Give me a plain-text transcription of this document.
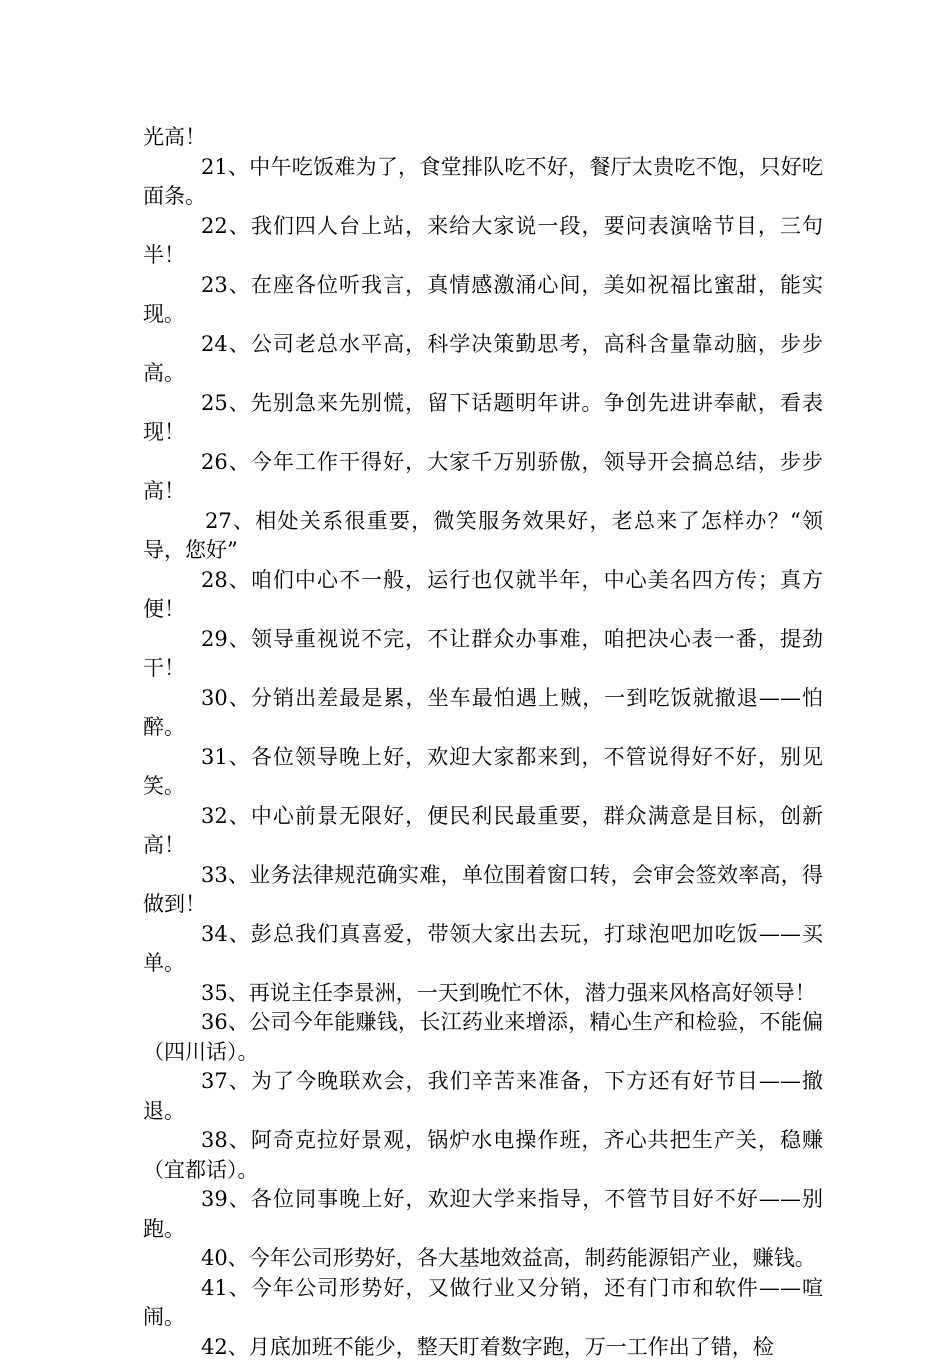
光高！

21、中午吃饭难为了，食堂排队吃不好，餐厅太贵吃不饱，只好吃面条。

22、我们四人台上站，来给大家说一段，要问表演啥节目，三句半！

23、在座各位听我言，真情感激涌心间，美如祝福比蜜甜，能实现。

24、公司老总水平高，科学决策勤思考，高科含量靠动脑，步步高。

25、先别急来先别慌，留下话题明年讲。争创先进讲奉献，看表现！

26、今年工作干得好，大家千万别骄傲，领导开会搞总结，步步高！

27、相处关系很重要，微笑服务效果好，老总来了怎样办？“领导，您好”

28、咱们中心不一般，运行也仅就半年，中心美名四方传；真方便！

29、领导重视说不完，不让群众办事难，咱把决心表一番，提劲干！

30、分销出差最是累，坐车最怕遇上贼，一到吃饭就撤退——怕醉。

31、各位领导晚上好，欢迎大家都来到，不管说得好不好，别见笑。

32、中心前景无限好，便民利民最重要，群众满意是目标，创新高！

33、业务法律规范确实难，单位围着窗口转，会审会签效率高，得做到！

34、彭总我们真喜爱，带领大家出去玩，打球泡吧加吃饭——买单。

35、再说主任李景洲，一天到晚忙不休，潜力强来风格高好领导！

36、公司今年能赚钱，长江药业来增添，精心生产和检验，不能偏（四川话）。

37、为了今晚联欢会，我们辛苦来准备，下方还有好节目——撤退。

38、阿奇克拉好景观，锅炉水电操作班，齐心共把生产关，稳赚（宜都话）。

39、各位同事晚上好，欢迎大学来指导，不管节目好不好——别跑。

40、今年公司形势好，各大基地效益高，制药能源铝产业，赚钱。

41、今年公司形势好，又做行业又分销，还有门市和软件——喧闹。

42、月底加班不能少，整天盯着数字跑，万一工作出了错，检
